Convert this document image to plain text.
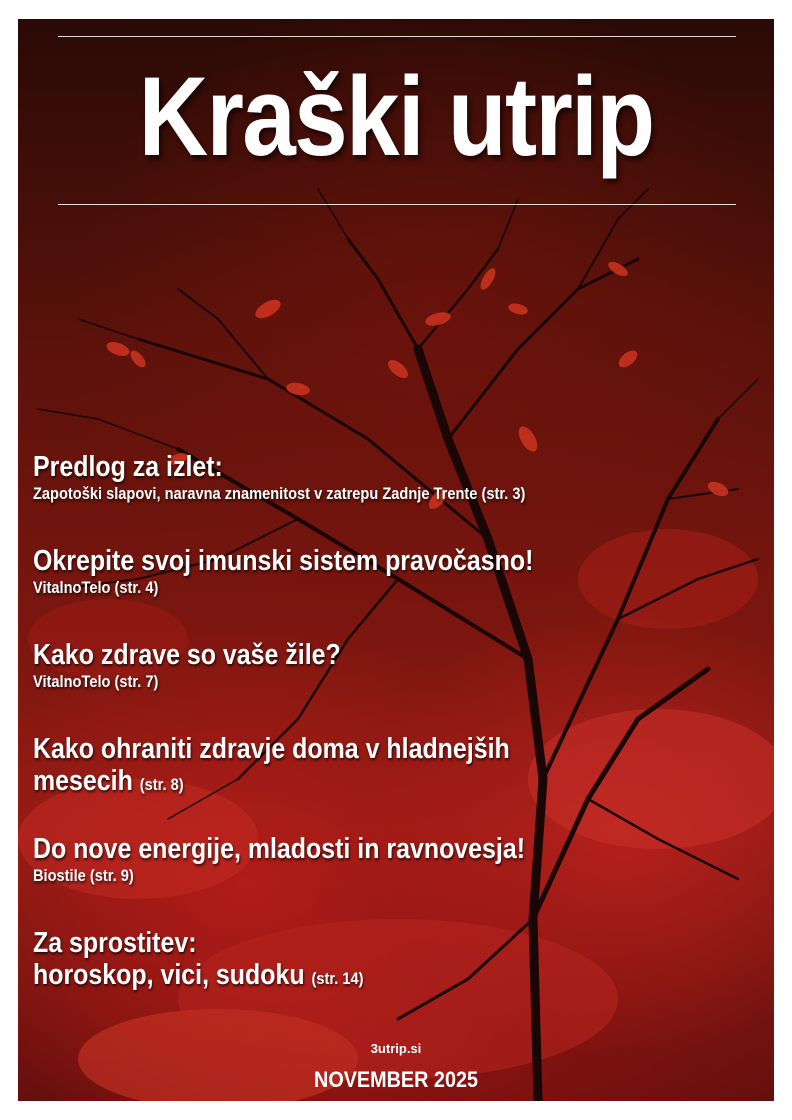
Kraški utrip
Predlog za izlet:
Zapotoški slapovi, naravna znamenitost v zatrepu Zadnje Trente (str. 3)
Okrepite svoj imunski sistem pravočasno!
VitalnoTelo (str. 4)
Kako zdrave so vaše žile?
VitalnoTelo (str. 7)
Kako ohraniti zdravje doma v hladnejših
mesecih (str. 8)
Do nove energije, mladosti in ravnovesja!
Biostile (str. 9)
Za sprostitev:
horoskop, vici, sudoku (str. 14)
3utrip.si
NOVEMBER 2025
